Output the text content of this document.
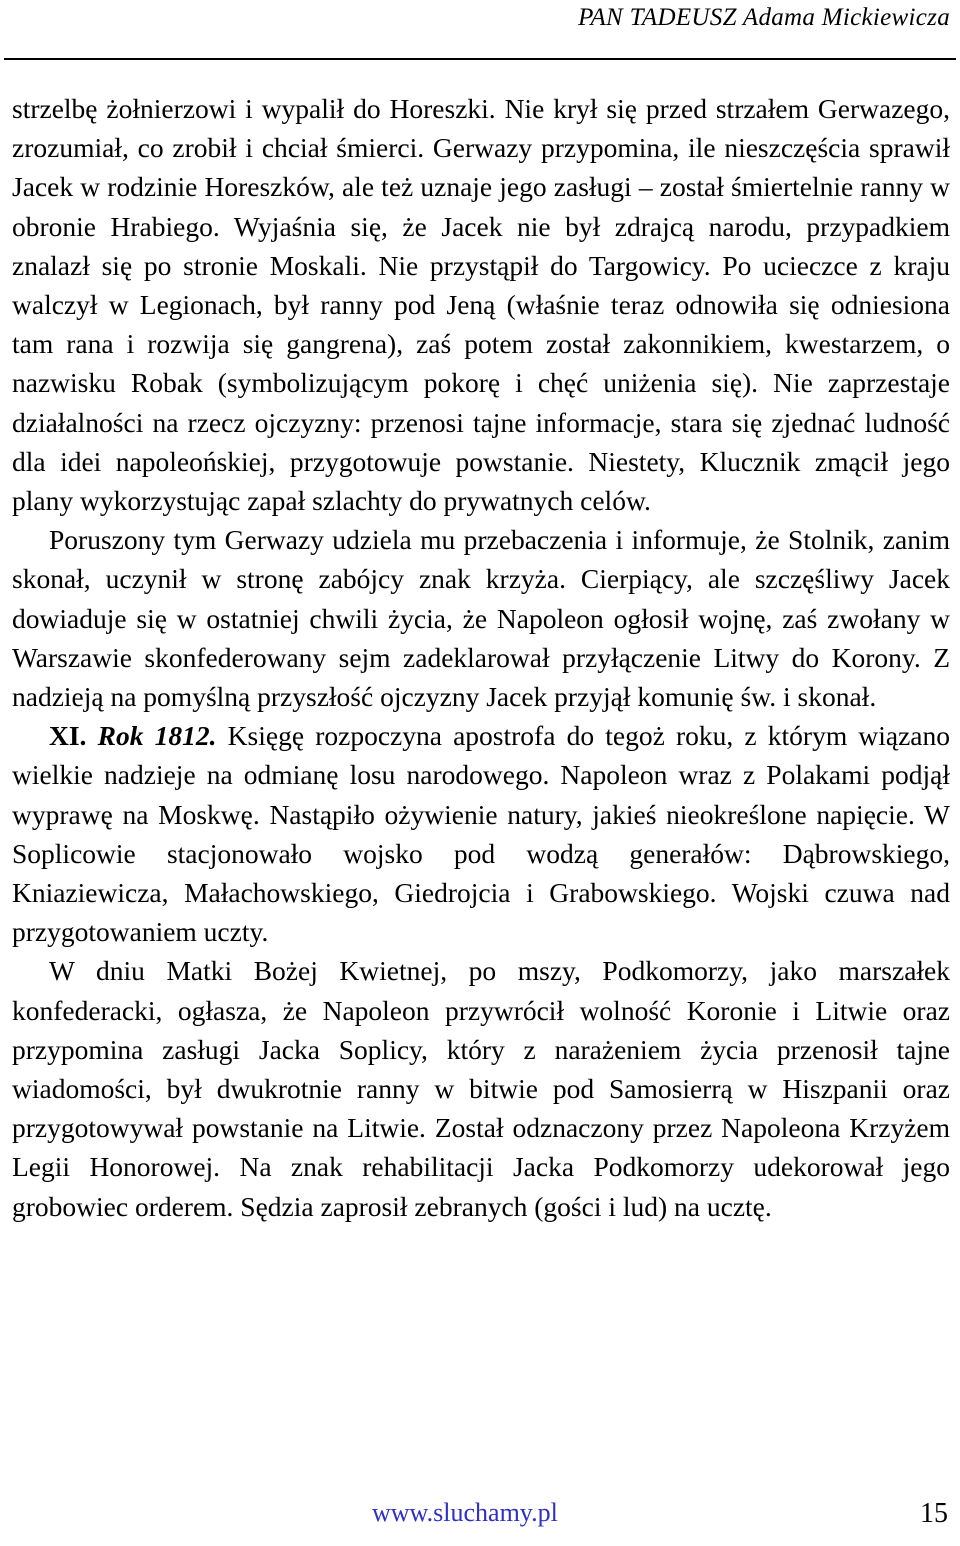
PAN TADEUSZ Adama Mickiewicza

strzelbę żołnierzowi i wypalił do Horeszki. Nie krył się przed strzałem Gerwazego, zrozumiał, co zrobił i chciał śmierci. Gerwazy przypomina, ile nieszczęścia sprawił Jacek w rodzinie Horeszków, ale też uznaje jego zasługi – został śmiertelnie ranny w obronie Hrabiego. Wyjaśnia się, że Jacek nie był zdrajcą narodu, przypadkiem znalazł się po stronie Moskali. Nie przystąpił do Targowicy. Po ucieczce z kraju walczył w Legionach, był ranny pod Jeną (właśnie teraz odnowiła się odniesiona tam rana i rozwija się gangrena), zaś potem został zakonnikiem, kwestarzem, o nazwisku Robak (symbolizującym pokorę i chęć uniżenia się). Nie zaprzestaje działalności na rzecz ojczyzny: przenosi tajne informacje, stara się zjednać ludność dla idei napoleońskiej, przygotowuje powstanie. Niestety, Klucznik zmącił jego plany wykorzystując zapał szlachty do prywatnych celów.

Poruszony tym Gerwazy udziela mu przebaczenia i informuje, że Stolnik, zanim skonał, uczynił w stronę zabójcy znak krzyża. Cierpiący, ale szczęśliwy Jacek dowiaduje się w ostatniej chwili życia, że Napoleon ogłosił wojnę, zaś zwołany w Warszawie skonfederowany sejm zadeklarował przyłączenie Litwy do Korony. Z nadzieją na pomyślną przyszłość ojczyzny Jacek przyjął komunię św. i skonał.

XI. Rok 1812. Księgę rozpoczyna apostrofa do tegoż roku, z którym wiązano wielkie nadzieje na odmianę losu narodowego. Napoleon wraz z Polakami podjął wyprawę na Moskwę. Nastąpiło ożywienie natury, jakieś nieokreślone napięcie. W Soplicowie stacjonowało wojsko pod wodzą generałów: Dąbrowskiego, Kniaziewicza, Małachowskiego, Giedrojcia i Grabowskiego. Wojski czuwa nad przygotowaniem uczty.

W dniu Matki Bożej Kwietnej, po mszy, Podkomorzy, jako marszałek konfederacki, ogłasza, że Napoleon przywrócił wolność Koronie i Litwie oraz przypomina zasługi Jacka Soplicy, który z narażeniem życia przenosił tajne wiadomości, był dwukrotnie ranny w bitwie pod Samosierrą w Hiszpanii oraz przygotowywał powstanie na Litwie. Został odznaczony przez Napoleona Krzyżem Legii Honorowej. Na znak rehabilitacji Jacka Podkomorzy udekorował jego grobowiec orderem. Sędzia zaprosił zebranych (gości i lud) na ucztę.

www.sluchamy.pl	15
